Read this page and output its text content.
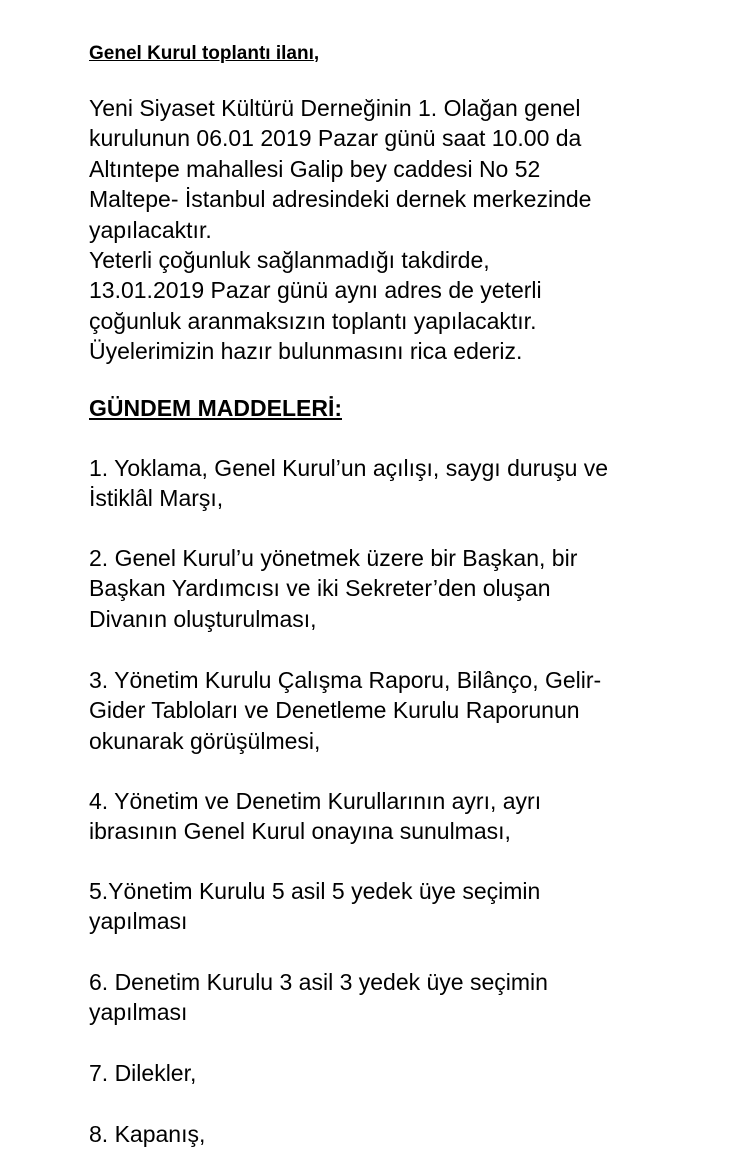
Genel Kurul toplantı ilanı,
Yeni Siyaset Kültürü Derneğinin 1. Olağan genel
kurulunun 06.01 2019 Pazar günü saat 10.00 da
Altıntepe mahallesi Galip bey caddesi No 52
Maltepe- İstanbul adresindeki dernek merkezinde
yapılacaktır.
Yeterli çoğunluk sağlanmadığı takdirde,
13.01.2019 Pazar günü aynı adres de yeterli
çoğunluk aranmaksızın toplantı yapılacaktır.
Üyelerimizin hazır bulunmasını rica ederiz.
GÜNDEM MADDELERİ:
1. Yoklama, Genel Kurul’un açılışı, saygı duruşu ve
İstiklâl Marşı,
2. Genel Kurul’u yönetmek üzere bir Başkan, bir
Başkan Yardımcısı ve iki Sekreter’den oluşan
Divanın oluşturulması,
3. Yönetim Kurulu Çalışma Raporu, Bilânço, Gelir-
Gider Tabloları ve Denetleme Kurulu Raporunun
okunarak görüşülmesi,
4. Yönetim ve Denetim Kurullarının ayrı, ayrı
ibrasının Genel Kurul onayına sunulması,
5.Yönetim Kurulu 5 asil 5 yedek üye seçimin
yapılması
6. Denetim Kurulu 3 asil 3 yedek üye seçimin
yapılması
7. Dilekler,
8. Kapanış,
